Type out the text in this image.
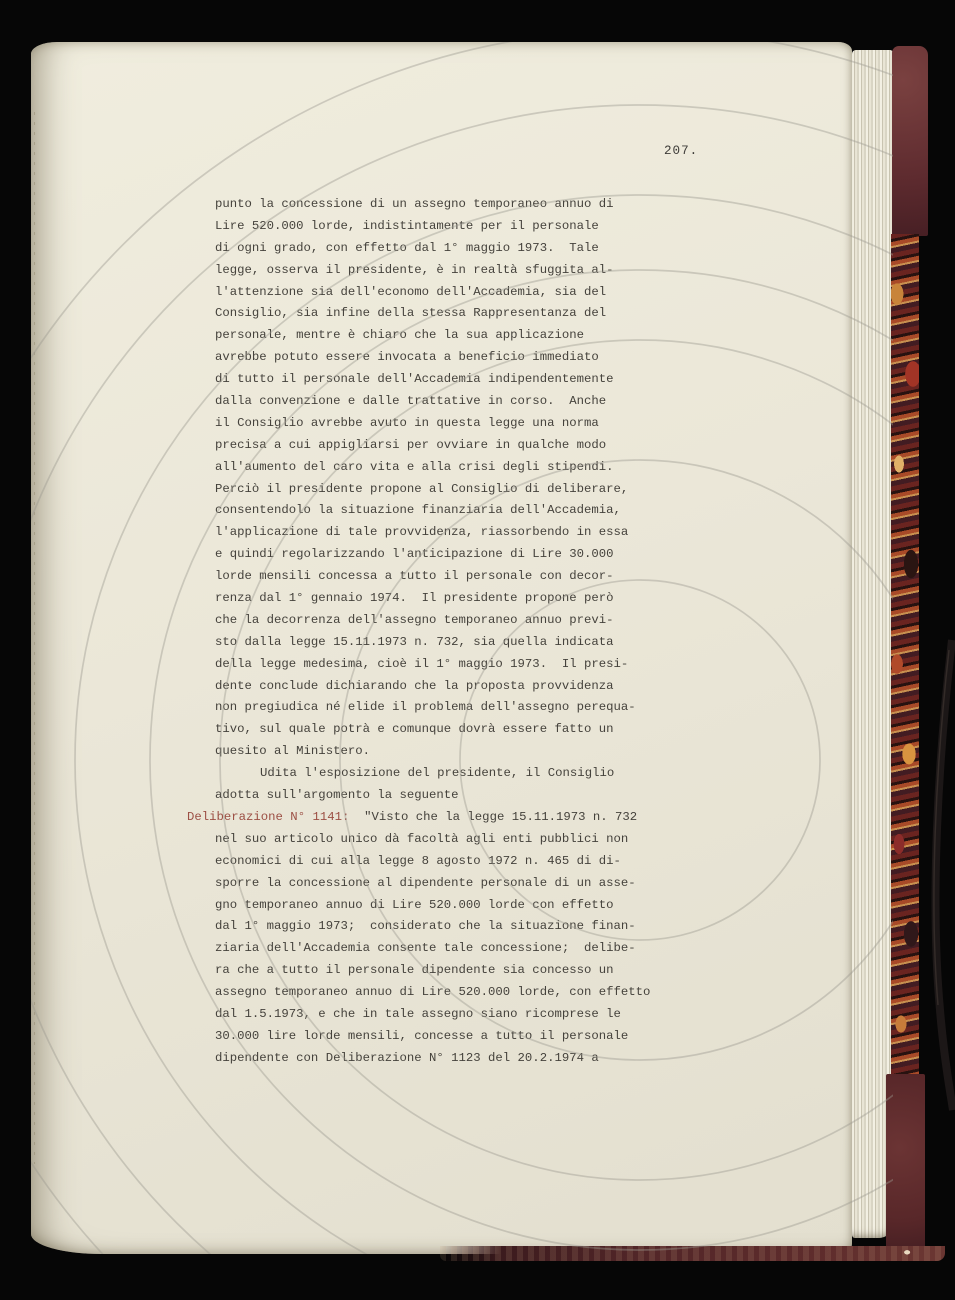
207.
punto la concessione di un assegno temporaneo annuo di
Lire 520.000 lorde, indistintamente per il personale
di ogni grado, con effetto dal 1° maggio 1973.  Tale
legge, osserva il presidente, è in realtà sfuggita al-
l'attenzione sia dell'economo dell'Accademia, sia del
Consiglio, sia infine della stessa Rappresentanza del
personale, mentre è chiaro che la sua applicazione
avrebbe potuto essere invocata a beneficio immediato
di tutto il personale dell'Accademia indipendentemente
dalla convenzione e dalle trattative in corso.  Anche
il Consiglio avrebbe avuto in questa legge una norma
precisa a cui appigliarsi per ovviare in qualche modo
all'aumento del caro vita e alla crisi degli stipendi.
Perciò il presidente propone al Consiglio di deliberare,
consentendolo la situazione finanziaria dell'Accademia,
l'applicazione di tale provvidenza, riassorbendo in essa
e quindi regolarizzando l'anticipazione di Lire 30.000
lorde mensili concessa a tutto il personale con decor-
renza dal 1° gennaio 1974.  Il presidente propone però
che la decorrenza dell'assegno temporaneo annuo previ-
sto dalla legge 15.11.1973 n. 732, sia quella indicata
della legge medesima, cioè il 1° maggio 1973.  Il presi-
dente conclude dichiarando che la proposta provvidenza
non pregiudica né elide il problema dell'assegno perequa-
tivo, sul quale potrà e comunque dovrà essere fatto un
quesito al Ministero.
Udita l'esposizione del presidente, il Consiglio
adotta sull'argomento la seguente
Deliberazione N° 1141:  "Visto che la legge 15.11.1973 n. 732
nel suo articolo unico dà facoltà agli enti pubblici non
economici di cui alla legge 8 agosto 1972 n. 465 di di-
sporre la concessione al dipendente personale di un asse-
gno temporaneo annuo di Lire 520.000 lorde con effetto
dal 1° maggio 1973;  considerato che la situazione finan-
ziaria dell'Accademia consente tale concessione;  delibe-
ra che a tutto il personale dipendente sia concesso un
assegno temporaneo annuo di Lire 520.000 lorde, con effetto
dal 1.5.1973, e che in tale assegno siano ricomprese le
30.000 lire lorde mensili, concesse a tutto il personale
dipendente con Deliberazione N° 1123 del 20.2.1974 a
